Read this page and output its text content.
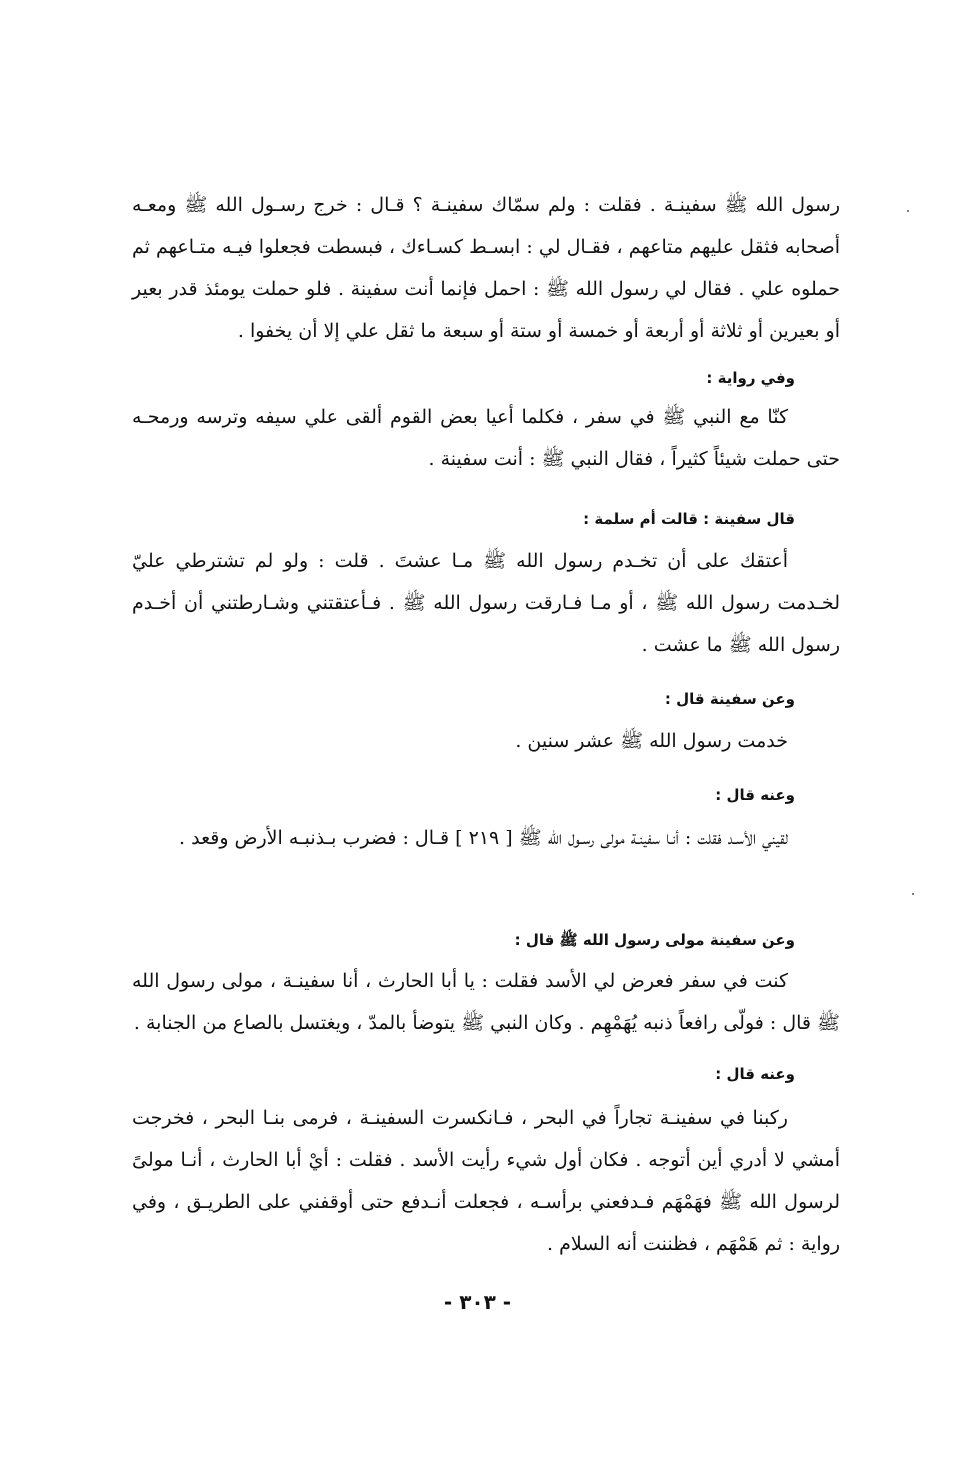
رسول الله ﷺ سفينـة . فقلت : ولم سمّاك سفينـة ؟ قـال : خرج رسـول الله ﷺ ومعـه أصحابه فثقل عليهم متاعهم ، فقـال لي : ابسـط كسـاءك ، فبسطت فجعلوا فيـه متـاعهم ثم حملوه علي . فقال لي رسول الله ﷺ : احمل فإنما أنت سفينة . فلو حملت يومئذ قدر بعير أو بعيرين أو ثلاثة أو أربعة أو خمسة أو ستة أو سبعة ما ثقل علي إلا أن يخفوا .

وفي رواية :

كنّا مع النبي ﷺ في سفر ، فكلما أعيا بعض القوم ألقى علي سيفه وترسه ورمحـه حتى حملت شيئاً كثيراً ، فقال النبي ﷺ : أنت سفينة .

قال سفينة : قالت أم سلمة :

أعتقك على أن تخـدم رسول الله ﷺ مـا عشتَ . قلت : ولو لم تشترطي عليّ لخـدمت رسول الله ﷺ ، أو مـا فـارقت رسول الله ﷺ . فـأعتقتني وشـارطتني أن أخـدم رسول الله ﷺ ما عشت .

وعن سفينة قال :

خدمت رسول الله ﷺ عشر سنين .

وعنه قال :

لقيني الأسـد فقلت : أنـا سفينـة مولى رسـول الله ﷺ [ ٢١٩ ] قـال : فضرب بـذنبـه الأرض وقعد .

وعن سفينة مولى رسول الله ﷺ قال :

كنت في سفر فعرض لي الأسد فقلت : يا أبا الحارث ، أنا سفينـة ، مولى رسول الله ﷺ قال : فولّى رافعاً ذنبه يُهَمْهِم . وكان النبي ﷺ يتوضأ بالمدّ ، ويغتسل بالصاع من الجنابة .

وعنه قال :

ركبنا في سفينـة تجاراً في البحر ، فـانكسرت السفينـة ، فرمى بنـا البحر ، فخرجت أمشي لا أدري أين أتوجه . فكان أول شيء رأيت الأسد . فقلت : أيْ أبا الحارث ، أنـا مولىً لرسول الله ﷺ فهَمْهَم فـدفعني برأسـه ، فجعلت أنـدفع حتى أوقفني على الطريـق ، وفي رواية : ثم هَمْهَم ، فظننت أنه السلام .

- ٣٠٣ -
